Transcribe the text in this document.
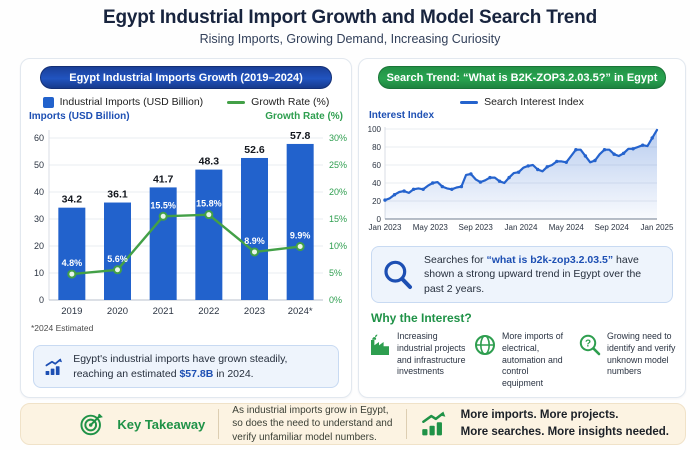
Egypt Industrial Import Growth and Model Search Trend
Rising Imports, Growing Demand, Increasing Curiosity
Egypt Industrial Imports Growth (2019–2024)
Industrial Imports (USD Billion)	Growth Rate (%)
Imports (USD Billion)	Growth Rate (%)
0
10
20
30
40
50
60
0%
5%
10%
15%
20%
25%
30%
34.2
2019
36.1
2020
41.7
2021
48.3
2022
52.6
2023
57.8
2024*
4.8%	5.6%
15.5% 15.8%
8.9%
9.9%
*2024 Estimated
Egypt's industrial imports have grown steadily, reaching an estimated $57.8B in 2024.
Search Trend: “What is B2K-ZOP3.2.03.5?” in Egypt
Search Interest Index
Interest Index
0
20
40
60
80
100
Jan 2023 May 2023 Sep 2023 Jan 2024 May 2024 Sep 2024 Jan 2025
Searches for “what is b2k-zop3.2.03.5” have shown a strong upward trend in Egypt over the past 2 years.
Why the Interest?
Increasing industrial projects and infrastructure investments
More imports of electrical, automation and control equipment
?
Growing need to identify and verify unknown model numbers
Key Takeaway
As industrial imports grow in Egypt, so does the need to understand and verify unfamiliar model numbers.
More imports. More projects.
More searches. More insights needed.
